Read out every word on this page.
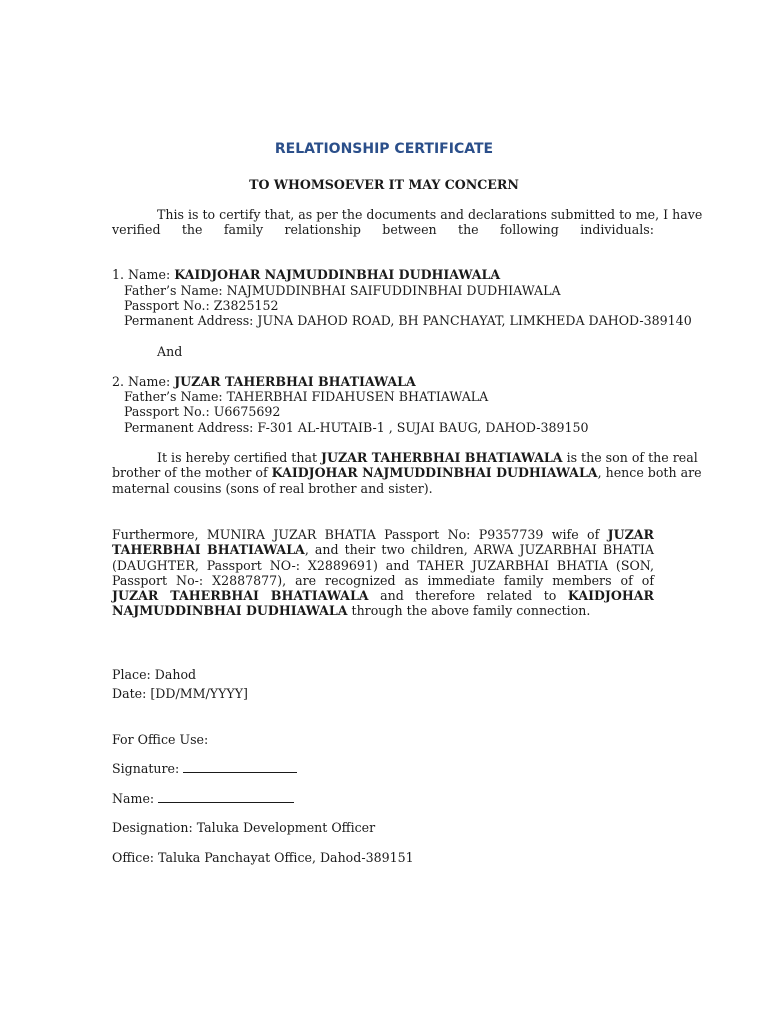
RELATIONSHIP CERTIFICATE
TO WHOMSOEVER IT MAY CONCERN
This is to certify that, as per the documents and declarations submitted to me, I have
verified the family relationship between the following individuals:
1. Name: KAIDJOHAR NAJMUDDINBHAI DUDHIAWALA
Father’s Name: NAJMUDDINBHAI SAIFUDDINBHAI DUDHIAWALA
Passport No.: Z3825152
Permanent Address: JUNA DAHOD ROAD, BH PANCHAYAT, LIMKHEDA DAHOD-389140
And
2. Name: JUZAR TAHERBHAI BHATIAWALA
Father’s Name: TAHERBHAI FIDAHUSEN BHATIAWALA
Passport No.: U6675692
Permanent Address: F-301 AL-HUTAIB-1 , SUJAI BAUG, DAHOD-389150
It is hereby certified that JUZAR TAHERBHAI BHATIAWALA is the son of the real
brother of the mother of KAIDJOHAR NAJMUDDINBHAI DUDHIAWALA, hence both are
maternal cousins (sons of real brother and sister).
Furthermore, MUNIRA JUZAR BHATIA Passport No: P9357739 wife of JUZAR TAHERBHAI BHATIAWALA, and their two children, ARWA JUZARBHAI BHATIA (DAUGHTER, Passport NO-: X2889691) and TAHER JUZARBHAI BHATIA (SON, Passport No-: X2887877), are recognized as immediate family members of of JUZAR TAHERBHAI BHATIAWALA and therefore related to KAIDJOHAR NAJMUDDINBHAI DUDHIAWALA through the above family connection.
Place: Dahod
Date: [DD/MM/YYYY]
For Office Use:
Signature:
Name:
Designation: Taluka Development Officer
Office: Taluka Panchayat Office, Dahod-389151
